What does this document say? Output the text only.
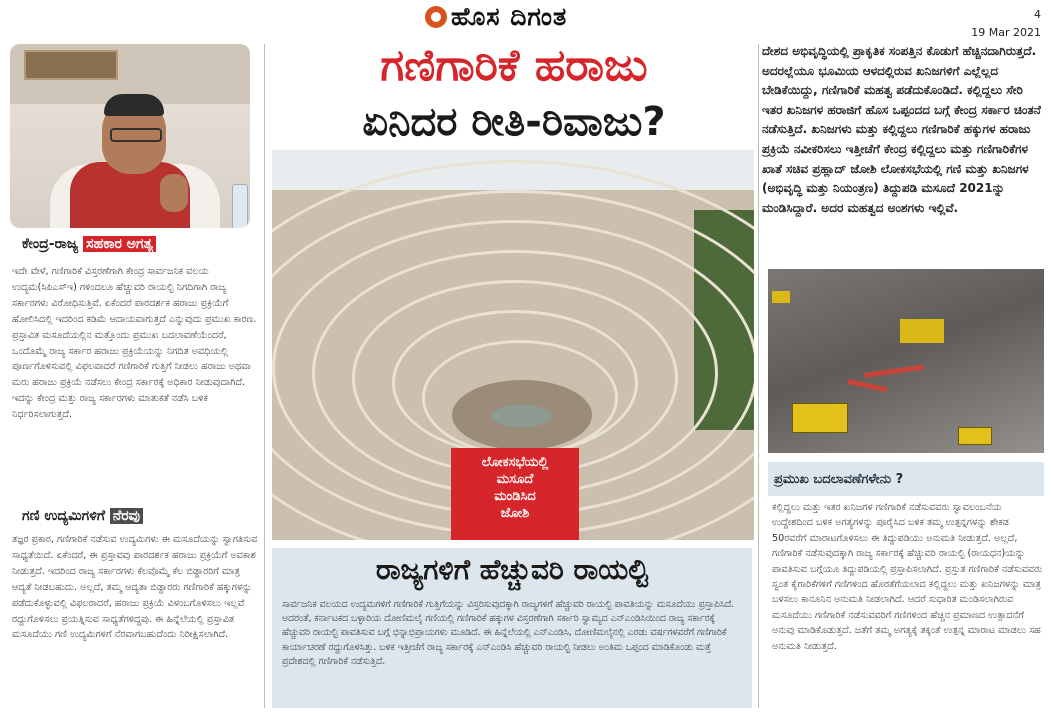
ಹೊಸ ದಿಗಂತ	4
19 Mar 2021
ಕೇಂದ್ರ-ರಾಜ್ಯ ಸಹಕಾರ ಅಗತ್ಯ
ಇದೇ ವೇಳೆ, ಗಣಿಗಾರಿಕೆ ವಿಸ್ತರಣೆಗಾಗಿ ಕೇಂದ್ರ ಸಾರ್ವಜನಿಕ ವಲಯ ಉದ್ಯಮ(ಸಿಪಿಎಸ್‌ಇ) ಗಳಿಂದಲೂ ಹೆಚ್ಚುವರಿ ರಾಯಲ್ಟಿ ನಿಗದಿಗಾಗಿ ರಾಜ್ಯ ಸರ್ಕಾರಗಳು ವಿರೋಧಿಸುತ್ತಿವೆ. ಏಕೆಂದರೆ ಪಾರದರ್ಶಕ ಹರಾಜು ಪ್ರಕ್ರಿಯೆಗೆ ಹೋಲಿಸಿದಲ್ಲಿ ಇದರಿಂದ ಕಡಿಮೆ ಆದಾಯವಾಗುತ್ತದೆ ಎನ್ನುವುದು ಪ್ರಮುಖ ಕಾರಣ. ಪ್ರಸ್ತಾವಿತ ಮಸೂದೆಯಲ್ಲಿನ ಮತ್ತೊಂದು ಪ್ರಮುಖ ಬದಲಾವಣೆಯೆಂದರೆ, ಒಂದೊಮ್ಮೆ ರಾಜ್ಯ ಸರ್ಕಾರ ಹರಾಜು ಪ್ರಕ್ರಿಯೆಯನ್ನು ನಿಗದಿತ ಅವಧಿಯಲ್ಲಿ ಪೂರ್ಣಗೊಳಿಸುವಲ್ಲಿ ವಿಫಲವಾದರೆ ಗಣಿಗಾರಿಕೆ ಗುತ್ತಿಗೆ ನೀಡಲು ಹರಾಜು ಅಥವಾ ಮರು ಹರಾಜು ಪ್ರಕ್ರಿಯೆ ನಡೆಸಲು ಕೇಂದ್ರ ಸರ್ಕಾರಕ್ಕೆ ಅಧಿಕಾರ ನೀಡುವುದಾಗಿದೆ. ಇದನ್ನು ಕೇಂದ್ರ ಮತ್ತು ರಾಜ್ಯ ಸರ್ಕಾರಗಳು ಮಾತುಕತೆ ನಡೆಸಿ ಬಳಿಕ ನಿರ್ಧರಿಸಲಾಗುತ್ತದೆ.
ಗಣಿ ಉದ್ಯಮಿಗಳಿಗೆ ನೆರವು
ತಜ್ಞರ ಪ್ರಕಾರ, ಗಣಿಗಾರಿಕೆ ನಡೆಸುವ ಉದ್ಯಮಿಗಳು ಈ ಮಸೂದೆಯನ್ನು ಸ್ವಾಗತಿಸುವ ಸಾಧ್ಯತೆಯಿದೆ. ಏಕೆಂದರೆ, ಈ ಪ್ರಸ್ತಾವವು ಪಾರದರ್ಶಕ ಹರಾಜು ಪ್ರಕ್ರಿಯೆಗೆ ಅವಕಾಶ ನೀಡುತ್ತದೆ. ಇದರಿಂದ ರಾಜ್ಯ ಸರ್ಕಾರಗಳು ಕೆಲವೊಮ್ಮೆ ಕೆಲ ಬಿಡ್ದಾರರಿಗೆ ಮಾತ್ರ ಆದ್ಯತೆ ನೀಡಬಹುದು. ಅಲ್ಲದೆ, ತಮ್ಮ ಆದ್ಯತಾ ಬಿಡ್ದಾರರು ಗಣಿಗಾರಿಕೆ ಹಕ್ಕುಗಳನ್ನು ಪಡೆದುಕೊಳ್ಳುವಲ್ಲಿ ವಿಫಲರಾದರೆ, ಹರಾಜು ಪ್ರಕ್ರಿಯೆ ವಿಳಂಬಗೊಳಿಸಲು ಇಲ್ಲವೆ ರದ್ದುಗೊಳಿಸಲು ಪ್ರಯತ್ನಿಸುವ ಸಾಧ್ಯತೆಗಳಿದ್ದವು. ಈ ಹಿನ್ನೆಲೆಯಲ್ಲಿ ಪ್ರಸ್ತಾವಿತ ಮಸೂದೆಯು ಗಣಿ ಉದ್ಯಮಿಗಳಿಗೆ ನೆರವಾಗಬಹುದೆಂದು ನಿರೀಕ್ಷಿಸಲಾಗಿದೆ.
ಗಣಿಗಾರಿಕೆ ಹರಾಜು
ಏನಿದರ ರೀತಿ-ರಿವಾಜು?
ಲೋಕಸಭೆಯಲ್ಲಿ
ಮಸೂದೆ
ಮಂಡಿಸಿದ
ಜೋಶಿ
ರಾಜ್ಯಗಳಿಗೆ ಹೆಚ್ಚುವರಿ ರಾಯಲ್ಟಿ
ಸಾರ್ವಜನಿಕ ವಲಯದ ಉದ್ಯಮಗಳಿಗೆ ಗಣಿಗಾರಿಕೆ ಗುತ್ತಿಗೆಯನ್ನು ವಿಸ್ತರಿಸುವುದಕ್ಕಾಗಿ ರಾಜ್ಯಗಳಿಗೆ ಹೆಚ್ಚುವರಿ ರಾಯಲ್ಟಿ ಪಾವತಿಯನ್ನು ಮಸೂದೆಯು ಪ್ರಸ್ತಾಪಿಸಿದೆ. ಅದರಂತೆ, ಕರ್ನಾಟಕದ ಬಳ್ಳಾರಿಯ ದೋಣಿಮಲೈ ಗಣಿಯಲ್ಲಿ ಗಣಿಗಾರಿಕೆ ಹಕ್ಕುಗಳ ವಿಸ್ತರಣೆಗಾಗಿ ಸರ್ಕಾರಿ ಸ್ವಾಮ್ಯದ ಎನ್‌ಎಂಡಿಸಿಯಿಂದ ರಾಜ್ಯ ಸರ್ಕಾರಕ್ಕೆ ಹೆಚ್ಚುವರಿ ರಾಯಲ್ಟಿ ಪಾವತಿಸುವ ಬಗ್ಗೆ ಭಿನ್ನಾಭಿಪ್ರಾಯಗಳು ಮೂಡಿದೆ. ಈ ಹಿನ್ನೆಲೆಯಲ್ಲಿ ಎನ್‌ಎಂಡಿಸಿ, ದೋಣಿಮಲೈನಲ್ಲಿ ಎರಡು ವರ್ಷಗಳವರೆಗೆ ಗಣಿಗಾರಿಕೆ ಕಾರ್ಯಾಚರಣೆ ರದ್ದುಗೊಳಿಸಿತ್ತು. ಬಳಿಕ ಇತ್ತೀಚೆಗೆ ರಾಜ್ಯ ಸರ್ಕಾರಕ್ಕೆ ಎನ್‌ಎಂಡಿಸಿ ಹೆಚ್ಚುವರಿ ರಾಯಲ್ಟಿ ನೀಡಲು ಅಂತಿಮ ಒಪ್ಪಂದ ಮಾಡಿಕೊಂಡು ಮತ್ತೆ ಪ್ರದೇಶದಲ್ಲಿ ಗಣಿಗಾರಿಕೆ ನಡೆಸುತ್ತಿದೆ.
ದೇಶದ ಅಭಿವೃದ್ಧಿಯಲ್ಲಿ ಪ್ರಾಕೃತಿಕ ಸಂಪತ್ತಿನ ಕೊಡುಗೆ ಹೆಚ್ಚಿನದಾಗಿರುತ್ತದೆ. ಅದರಲ್ಲೆಯೂ ಭೂಮಿಯ ಆಳದಲ್ಲಿರುವ ಖನಿಜಗಳಿಗೆ ಎಲ್ಲೆಲ್ಲದ ಬೇಡಿಕೆಯಿದ್ದು, ಗಣಿಗಾರಿಕೆ ಮಹತ್ವ ಪಡೆದುಕೊಂಡಿದೆ. ಕಲ್ಲಿದ್ದಲು ಸೇರಿ ಇತರ ಖನಿಜಗಳ ಹರಾಜಿಗೆ ಹೊಸ ಒಪ್ಪಂದದ ಬಗ್ಗೆ ಕೇಂದ್ರ ಸರ್ಕಾರ ಚಿಂತನೆ ನಡೆಸುತ್ತಿದೆ. ಖನಿಜಗಳು ಮತ್ತು ಕಲ್ಲಿದ್ದಲು ಗಣಿಗಾರಿಕೆ ಹಕ್ಕುಗಳ ಹರಾಜು ಪ್ರಕ್ರಿಯೆ ನವೀಕರಿಸಲು ಇತ್ತೀಚೆಗೆ ಕೇಂದ್ರ ಕಲ್ಲಿದ್ದಲು ಮತ್ತು ಗಣಿಗಾರಿಕೆಗಳ ಖಾತೆ ಸಚಿವ ಪ್ರಹ್ಲಾದ್ ಜೋಶಿ ಲೋಕಸಭೆಯಲ್ಲಿ ಗಣಿ ಮತ್ತು ಖನಿಜಗಳ (ಅಭಿವೃದ್ಧಿ ಮತ್ತು ನಿಯಂತ್ರಣ) ತಿದ್ದುಪಡಿ ಮಸೂದೆ 2021ನ್ನು ಮಂಡಿಸಿದ್ದಾರೆ. ಅದರ ಮಹತ್ವದ ಅಂಶಗಳು ಇಲ್ಲಿವೆ.
ಪ್ರಮುಖ ಬದಲಾವಣೆಗಳೇನು ?
ಕಲ್ಲಿದ್ದಲು ಮತ್ತು ಇತರ ಖನಿಜಗಳ ಗಣಿಗಾರಿಕೆ ನಡೆಸುವವರು ಸ್ವಾವಲಂಬನೆಯ ಉದ್ದೇಶದಿಂದ ಬಳಿಕ ಅಗತ್ಯಗಳನ್ನು ಪೂರೈಸಿದ ಬಳಿಕ ತಮ್ಮ ಉತ್ಪನ್ನಗಳನ್ನು ಶೇಕಡ 50ರವರೆಗೆ ಮಾರಾಟಗೊಳಿಸಲು ಈ ತಿದ್ದುಪಡಿಯು ಅನುಮತಿ ನೀಡುತ್ತದೆ. ಅಲ್ಲದೆ, ಗಣಿಗಾರಿಕೆ ನಡೆಸುವುದಕ್ಕಾಗಿ ರಾಜ್ಯ ಸರ್ಕಾರಕ್ಕೆ ಹೆಚ್ಚುವರಿ ರಾಯಲ್ಟಿ (ರಾಯಧನ)ಯನ್ನು ಪಾವತಿಸುವ ಬಗ್ಗೆಯೂ ತಿದ್ದುಪಡಿಯಲ್ಲಿ ಪ್ರಸ್ತಾಪಿಸಲಾಗಿದೆ. ಪ್ರಸ್ತುತ ಗಣಿಗಾರಿಕೆ ನಡೆಸುವವರು ಸ್ವಂತ ಕೈಗಾರಿಕೆಗಳಿಗೆ ಗಣಿಗಳಿಂದ ಹೊರತೆಗೆಯಲಾದ ಕಲ್ಲಿದ್ದಲು ಮತ್ತು ಖನಿಜಗಳನ್ನು ಮಾತ್ರ ಬಳಸಲು ಕಾನೂನಿನ ಅನುಮತಿ ನೀಡಲಾಗಿದೆ. ಆದರೆ ಸುಧಾರಿತ ಮಂಡಿಸಲಾಗಿರುವ ಮಸೂದೆಯು ಗಣಿಗಾರಿಕೆ ನಡೆಸುವವರಿಗೆ ಗಣಿಗಳಿಂದ ಹೆಚ್ಚಿನ ಪ್ರಮಾಣದ ಉತ್ಪಾದನೆಗೆ ಅನುವು ಮಾಡಿಕೊಡುತ್ತದೆ. ಜತೆಗೆ ತಮ್ಮ ಅಗತ್ಯಕ್ಕೆ ತಕ್ಕಂತೆ ಉತ್ಪನ್ನ ಮಾರಾಟ ಮಾಡಲು ಸಹ ಅನುಮತಿ ನೀಡುತ್ತದೆ.
